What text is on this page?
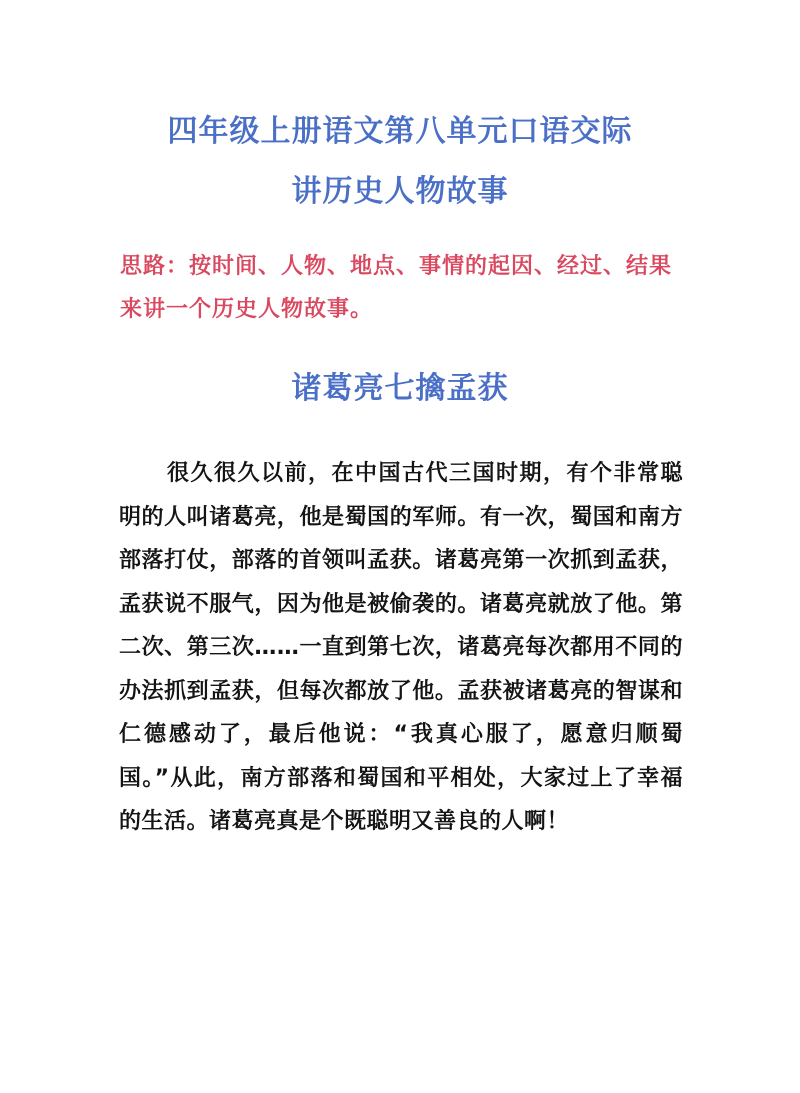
四年级上册语文第八单元口语交际
讲历史人物故事
思路：按时间、人物、地点、事情的起因、经过、结果来讲一个历史人物故事。
诸葛亮七擒孟获
很久很久以前，在中国古代三国时期，有个非常聪明的人叫诸葛亮，他是蜀国的军师。有一次，蜀国和南方部落打仗，部落的首领叫孟获。诸葛亮第一次抓到孟获，孟获说不服气，因为他是被偷袭的。诸葛亮就放了他。第二次、第三次……一直到第七次，诸葛亮每次都用不同的办法抓到孟获，但每次都放了他。孟获被诸葛亮的智谋和仁德感动了，最后他说：“我真心服了，愿意归顺蜀国。”从此，南方部落和蜀国和平相处，大家过上了幸福的生活。诸葛亮真是个既聪明又善良的人啊！
